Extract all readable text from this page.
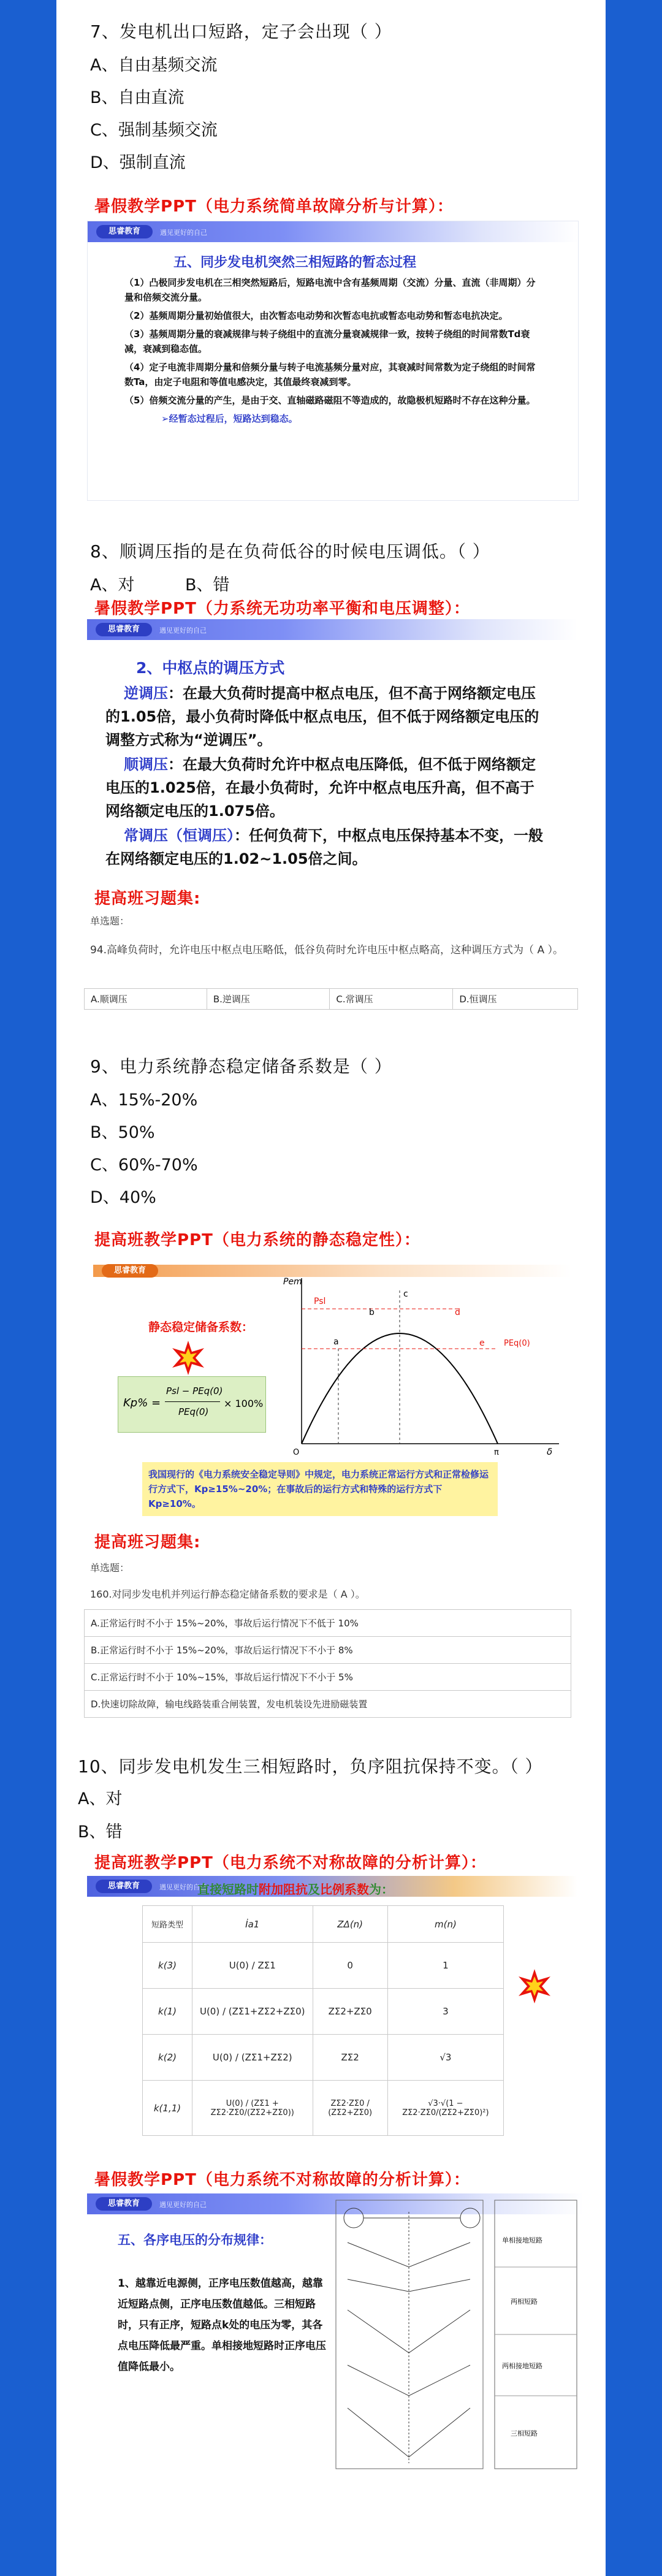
7、发电机出口短路，定子会出现（ ）
A、自由基频交流
B、自由直流
C、强制基频交流
D、强制直流
暑假教学PPT（电力系统简单故障分析与计算）：
思睿教育	遇见更好的自己
五、同步发电机突然三相短路的暂态过程
（1）凸极同步发电机在三相突然短路后，短路电流中含有基频周期（交流）分量、直流（非周期）分量和倍频交流分量。
（2）基频周期分量初始值很大，由次暂态电动势和次暂态电抗或暂态电动势和暂态电抗决定。
（3）基频周期分量的衰减规律与转子绕组中的直流分量衰减规律一致，按转子绕组的时间常数Td衰减，衰减到稳态值。
（4）定子电流非周期分量和倍频分量与转子电流基频分量对应，其衰减时间常数为定子绕组的时间常数Ta，由定子电阻和等值电感决定，其值最终衰减到零。
（5）倍频交流分量的产生，是由于交、直轴磁路磁阻不等造成的，故隐极机短路时不存在这种分量。
➢经暂态过程后，短路达到稳态。
8、顺调压指的是在负荷低谷的时候电压调低。（ ）
A、对	B、错
暑假教学PPT（力系统无功功率平衡和电压调整）：
思睿教育	遇见更好的自己
2、中枢点的调压方式
逆调压：在最大负荷时提高中枢点电压，但不高于网络额定电压的1.05倍，最小负荷时降低中枢点电压，但不低于网络额定电压的调整方式称为“逆调压”。
顺调压：在最大负荷时允许中枢点电压降低，但不低于网络额定电压的1.025倍，在最小负荷时，允许中枢点电压升高，但不高于网络额定电压的1.075倍。
常调压（恒调压）：任何负荷下，中枢点电压保持基本不变，一般在网络额定电压的1.02~1.05倍之间。
提高班习题集:
单选题：
94.高峰负荷时，允许电压中枢点电压略低，低谷负荷时允许电压中枢点略高，这种调压方式为（ A ）。
A.顺调压	B.逆调压	C.常调压	D.恒调压
9、电力系统静态稳定储备系数是（ ）
A、15%-20%
B、50%
C、60%-70%
D、40%
提高班教学PPT（电力系统的静态稳定性）：
思睿教育
静态稳定储备系数：
Kp% =
Psl − PEq(0)
PEq(0)
× 100%
Pem
Psl
PEq(0)
a
b
c
d
e
δ
O	π
我国现行的《电力系统安全稳定导则》中规定，电力系统正常运行方式和正常检修运行方式下，Kp≥15%~20%；在事故后的运行方式和特殊的运行方式下Kp≥10%。
提高班习题集:
单选题：
160.对同步发电机并列运行静态稳定储备系数的要求是（ A ）。
A.正常运行时不小于 15%~20%，事故后运行情况下不低于 10%
B.正常运行时不小于 15%~20%，事故后运行情况下不小于 8%
C.正常运行时不小于 10%~15%，事故后运行情况下不小于 5%
D.快速切除故障，输电线路装重合闸装置，发电机装设先进励磁装置
10、同步发电机发生三相短路时，负序阻抗保持不变。（ ）
A、对
B、错
提高班教学PPT（电力系统不对称故障的分析计算）：
思睿教育	遇见更好的自己
直接短路时附加阻抗及比例系数为：
短路类型	İa1	ZΔ(n)	m(n)
k(3)	U(0) / ZΣ1	0	1
k(1)	U(0) / (ZΣ1+ZΣ2+ZΣ0)	ZΣ2+ZΣ0	3
k(2)	U(0) / (ZΣ1+ZΣ2)	ZΣ2	√3
k(1,1)	U(0) / (ZΣ1 + ZΣ2·ZΣ0/(ZΣ2+ZΣ0))	ZΣ2·ZΣ0 / (ZΣ2+ZΣ0)	√3·√(1 − ZΣ2·ZΣ0/(ZΣ2+ZΣ0)²)
暑假教学PPT（电力系统不对称故障的分析计算）：
思睿教育	遇见更好的自己
五、各序电压的分布规律：
1、越靠近电源侧，正序电压数值越高，越靠近短路点侧，正序电压数值越低。三相短路时，只有正序，短路点k处的电压为零，其各点电压降低最严重。单相接地短路时正序电压值降低最小。
单相接地短路
两相短路
两相接地短路
三相短路
